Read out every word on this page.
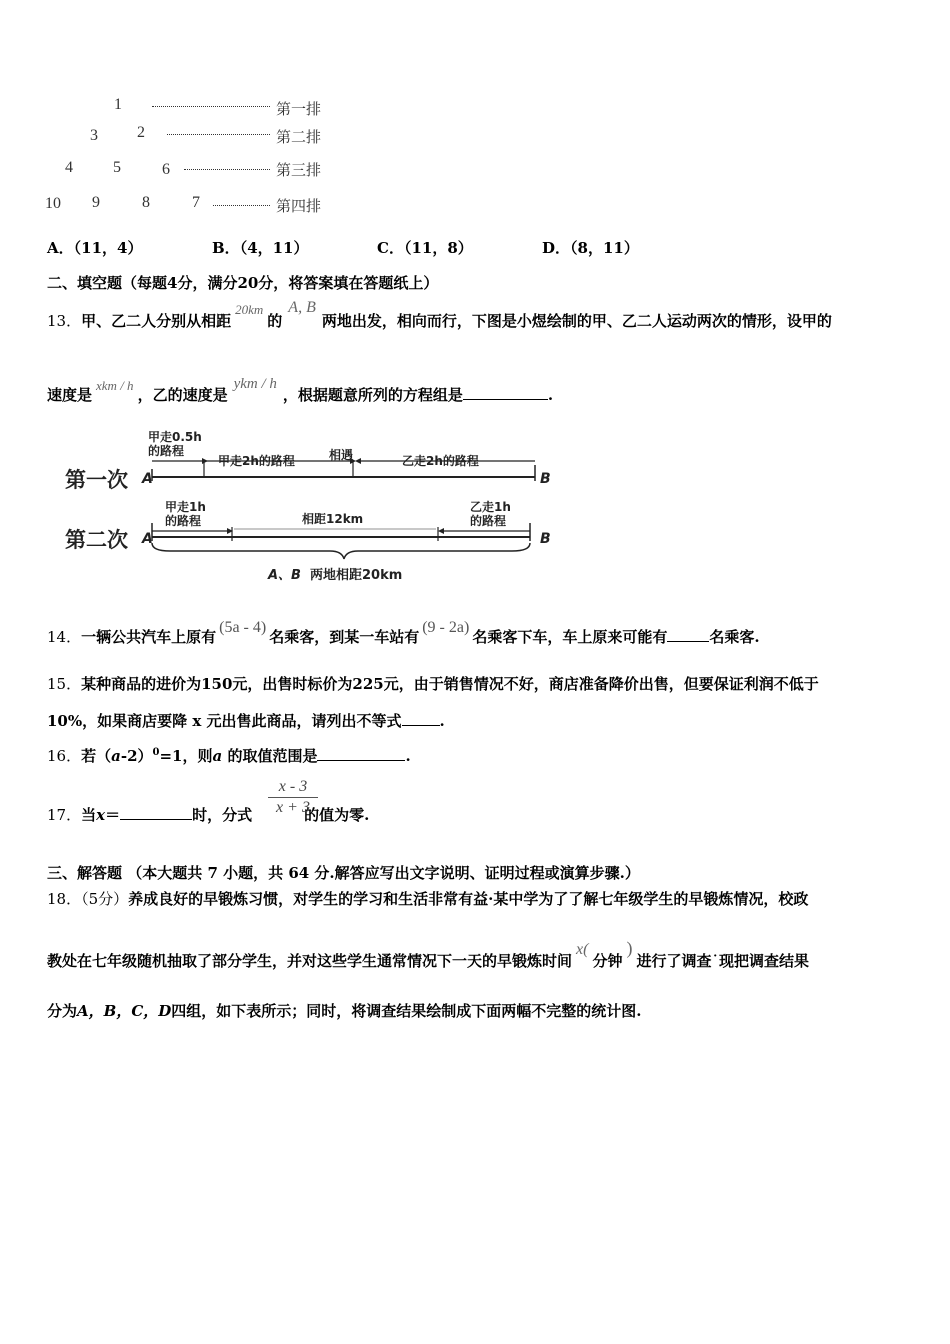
1	第一排
3 2	第二排
4	5	6	第三排
10 9	8	7	第四排
A．（11，4）	B．（4，11）	C．（11，8）	D．（8，11）
二、填空题（每题4分，满分20分，将答案填在答题纸上）
13．甲、乙二人分别从相距20km的A, B两地出发，相向而行，下图是小煜绘制的甲、乙二人运动两次的情形，设甲的
速度是xkm / h，乙的速度是ykm / h，根据题意所列的方程组是	.
第一次
第二次
A
A
B
B
甲走0.5h
的路程
甲走2h的路程	相遇	乙走2h的路程
甲走1h
的路程	相距12km
乙走1h
的路程
A、B 两地相距20km
14．一辆公共汽车上原有(5a - 4)名乘客，到某一车站有(9 - 2a)名乘客下车，车上原来可能有	名乘客.
15．某种商品的进价为150元，出售时标价为225元，由于销售情况不好，商店准备降价出售，但要保证利润不低于
10%，如果商店要降 x 元出售此商品，请列出不等式	.
16．若$(a-2)^0=1$，则a 的取值范围是	.
17．当x＝	时，分式	的值为零.
x - 3
x + 3
三、解答题 （本大题共 7 小题，共 64 分.解答应写出文字说明、证明过程或演算步骤.）
18．（5分）养成良好的早锻炼习惯，对学生的学习和生活非常有益·某中学为了了解七年级学生的早锻炼情况，校政
教处在七年级随机抽取了部分学生，并对这些学生通常情况下一天的早锻炼时间x(分钟)进行了调查˙现把调查结果
分为A，B，C，D四组，如下表所示；同时，将调查结果绘制成下面两幅不完整的统计图.
